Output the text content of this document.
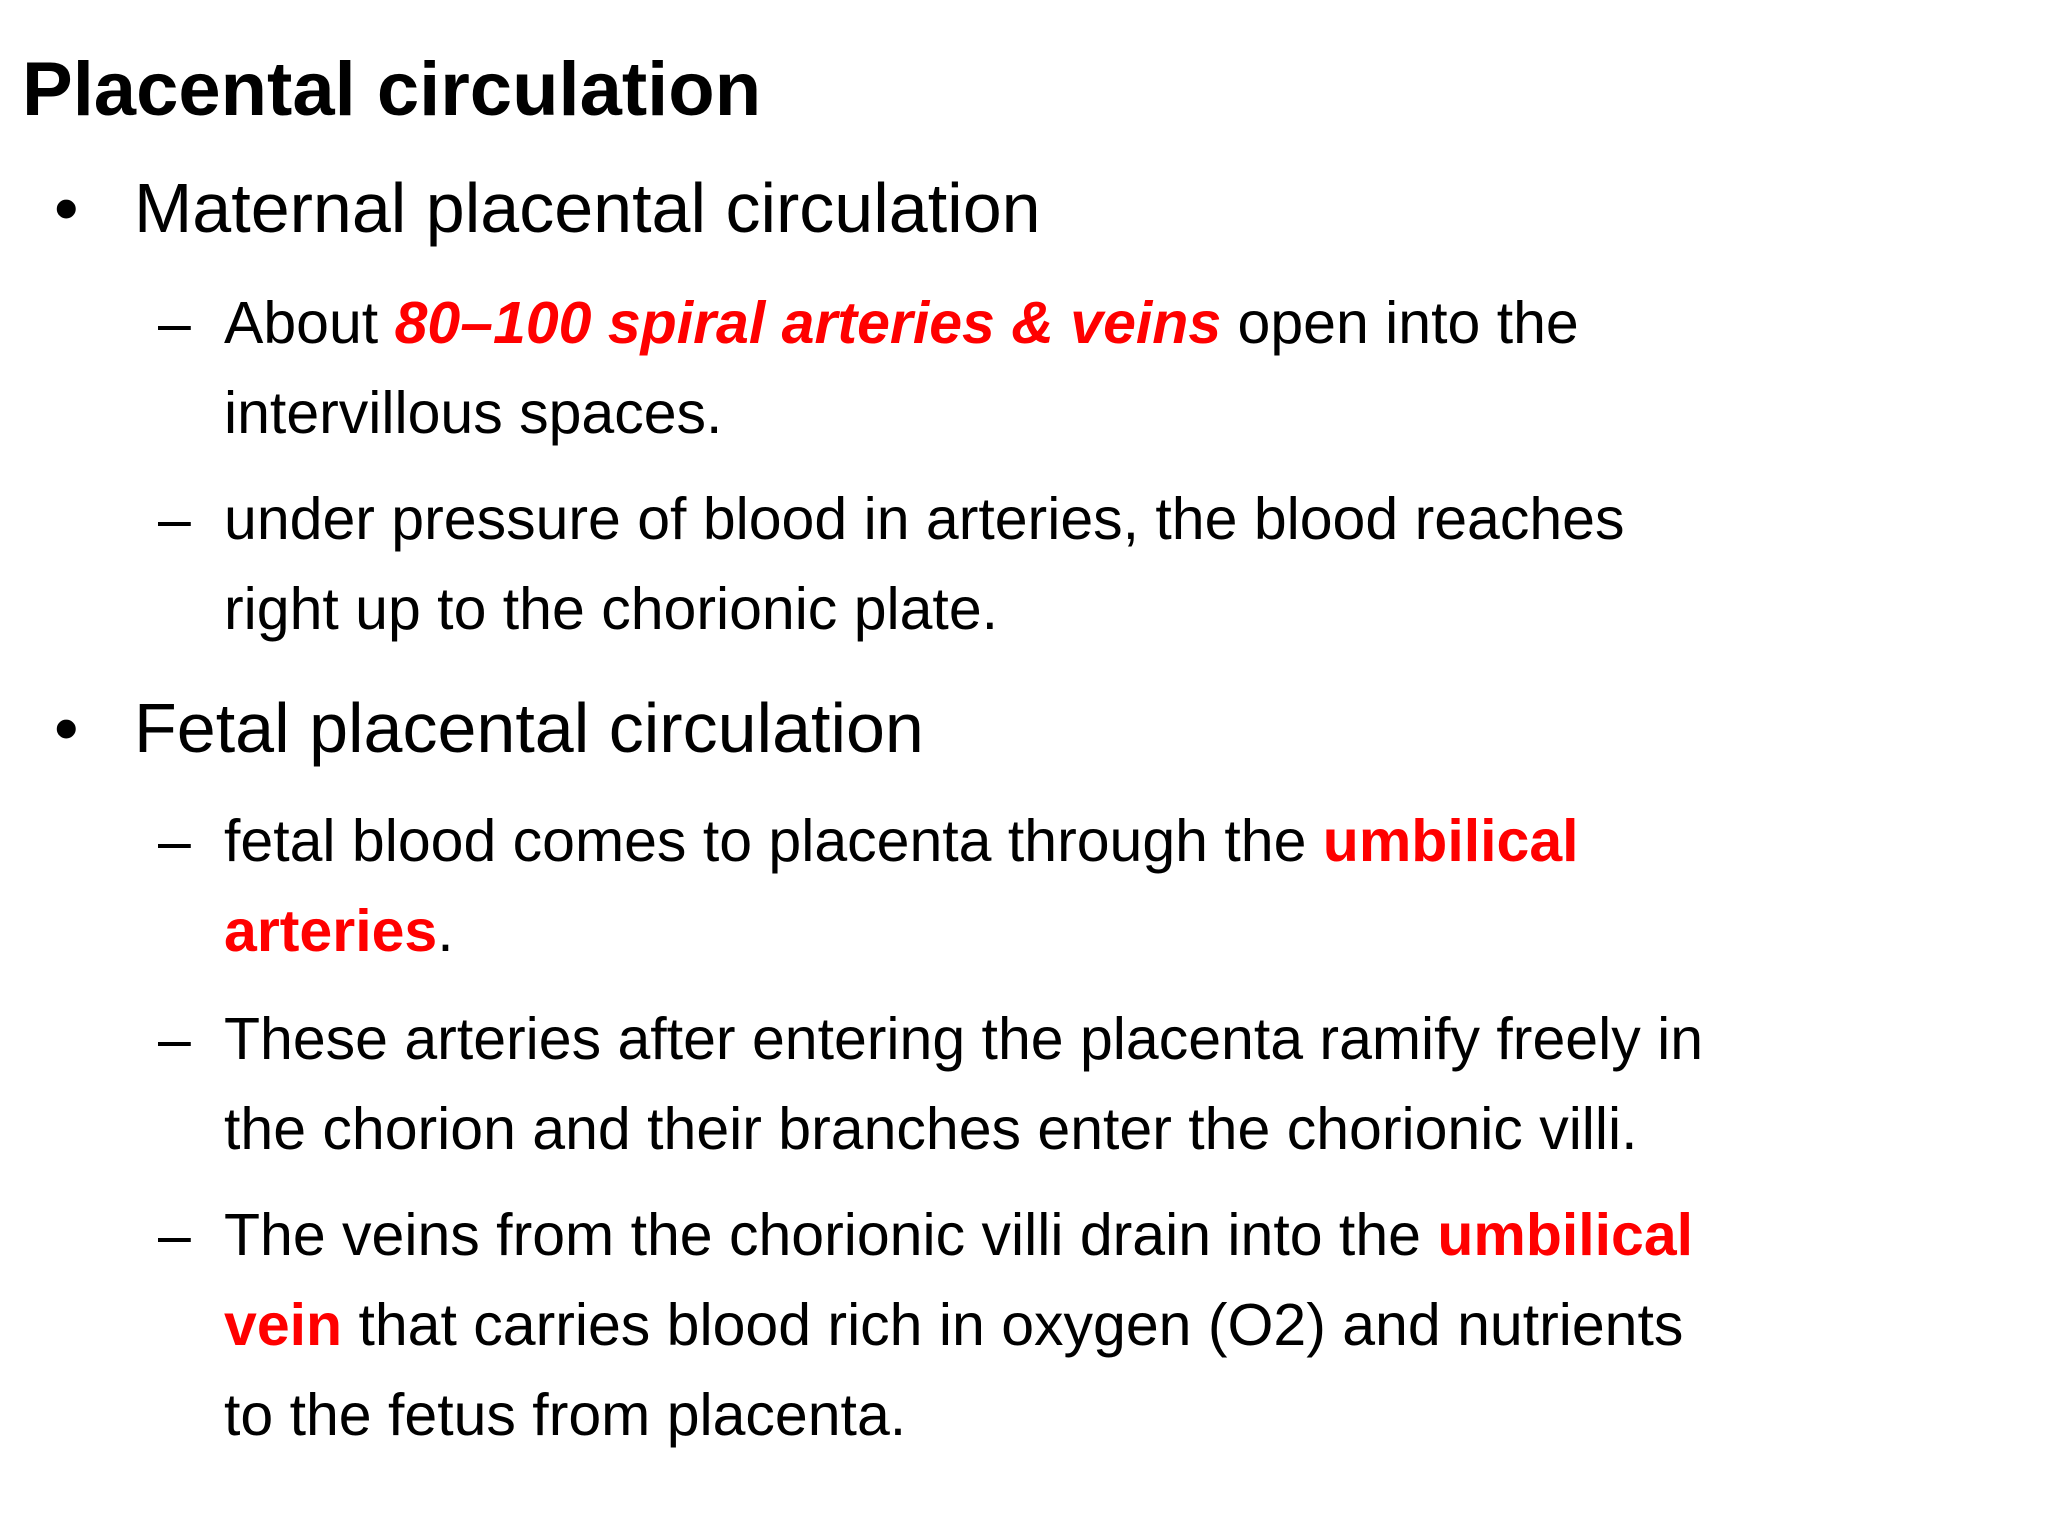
Placental circulation
• Maternal placental circulation
– About 80–100 spiral arteries & veins open into the
intervillous spaces.
– under pressure of blood in arteries, the blood reaches
right up to the chorionic plate.
• Fetal placental circulation
– fetal blood comes to placenta through the umbilical
arteries.
– These arteries after entering the placenta ramify freely in
the chorion and their branches enter the chorionic villi.
– The veins from the chorionic villi drain into the umbilical
vein that carries blood rich in oxygen (O2) and nutrients
to the fetus from placenta.
